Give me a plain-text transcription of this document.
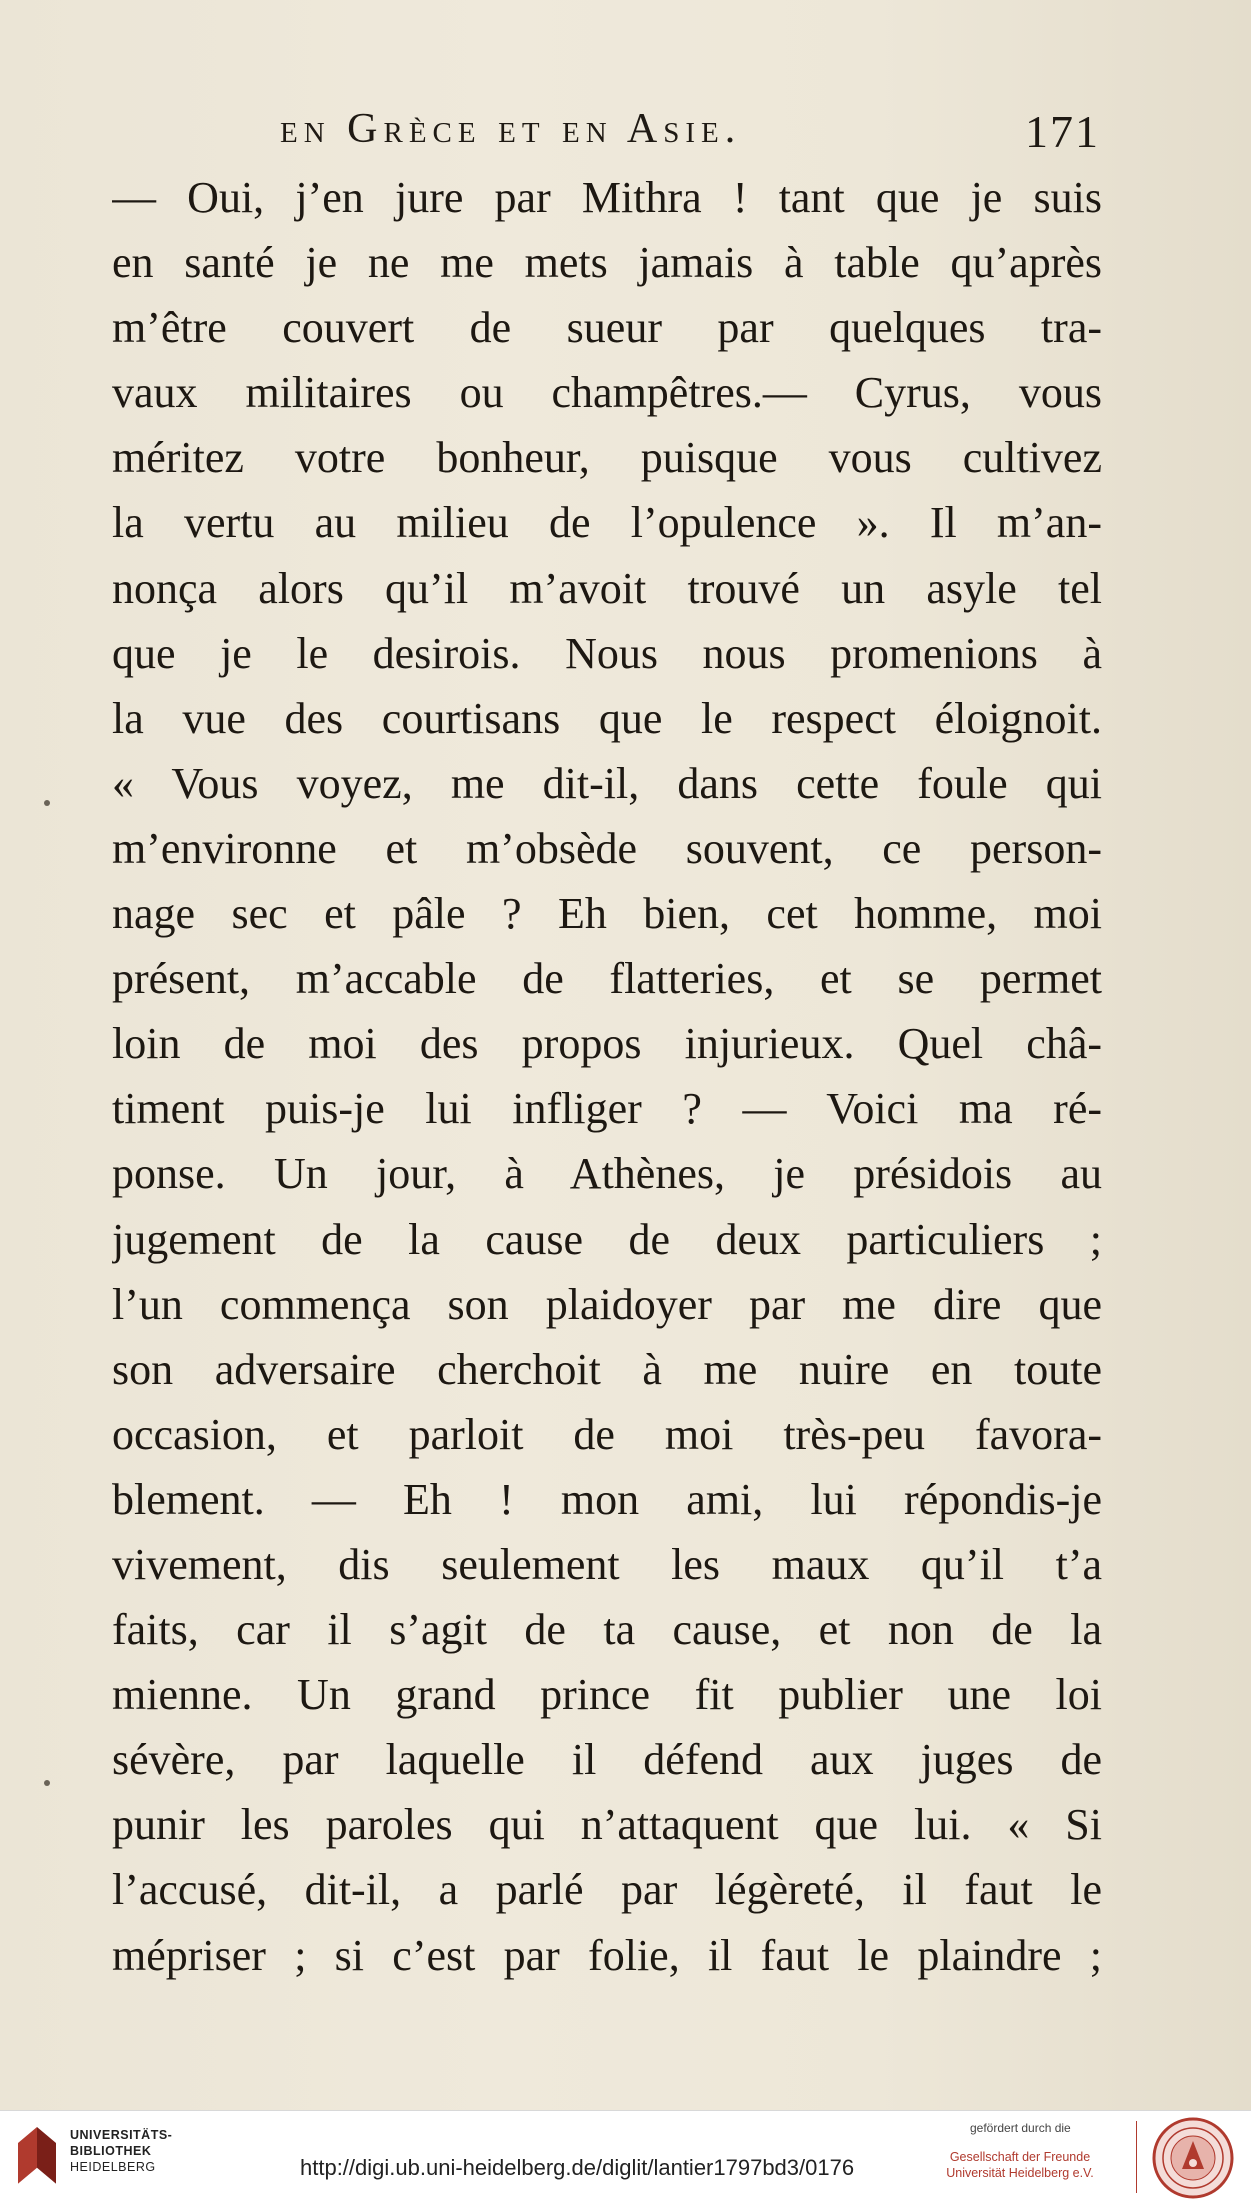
en Grèce et en Asie.	171
— Oui, j’en jure par Mithra ! tant que je suis
en santé je ne me mets jamais à table qu’après
m’être couvert de sueur par quelques tra-
vaux militaires ou champêtres.— Cyrus, vous
méritez votre bonheur, puisque vous cultivez
la vertu au milieu de l’opulence ». Il m’an-
nonça alors qu’il m’avoit trouvé un asyle tel
que je le desirois. Nous nous promenions à
la vue des courtisans que le respect éloignoit.
« Vous voyez, me dit-il, dans cette foule qui
m’environne et m’obsède souvent, ce person-
nage sec et pâle ? Eh bien, cet homme, moi
présent, m’accable de flatteries, et se permet
loin de moi des propos injurieux. Quel châ-
timent puis-je lui infliger ? — Voici ma ré-
ponse. Un jour, à Athènes, je présidois au
jugement de la cause de deux particuliers ;
l’un commença son plaidoyer par me dire que
son adversaire cherchoit à me nuire en toute
occasion, et parloit de moi très-peu favora-
blement. — Eh ! mon ami, lui répondis-je
vivement, dis seulement les maux qu’il t’a
faits, car il s’agit de ta cause, et non de la
mienne. Un grand prince fit publier une loi
sévère, par laquelle il défend aux juges de
punir les paroles qui n’attaquent que lui. « Si
l’accusé, dit-il, a parlé par légèreté, il faut le
mépriser ; si c’est par folie, il faut le plaindre ;
UNIVERSITÄTS-
BIBLIOTHEK
HEIDELBERG	http://digi.ub.uni-heidelberg.de/diglit/lantier1797bd3/0176
gefördert durch die
Gesellschaft der Freunde
Universität Heidelberg e.V.
